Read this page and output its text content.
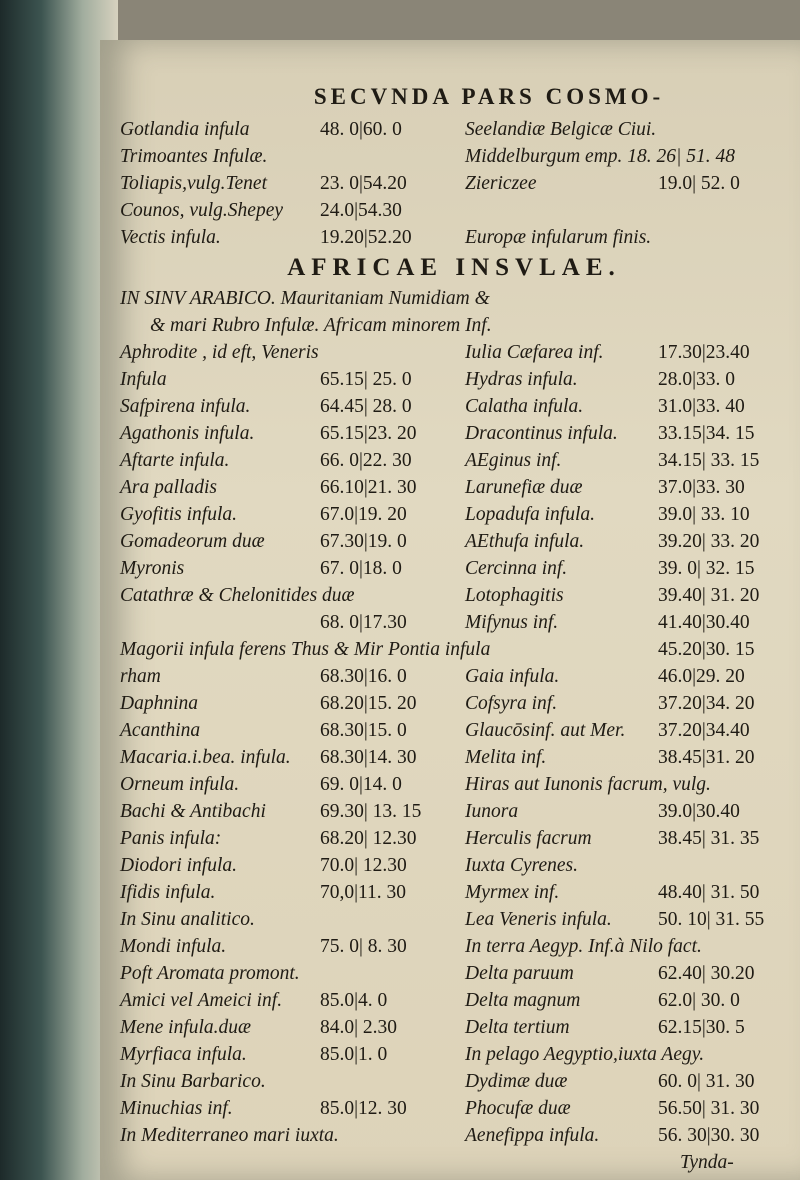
SECVNDA PARS COSMO-
Gotlandia infula	48. 0|60. 0	Seelandiæ Belgicæ Ciui.
Trimoantes Infulæ.	Middelburgum emp. 18. 26| 51. 48
Toliapis,vulg.Tenet	23. 0|54.20	Ziericzee	19.0| 52. 0
Counos, vulg.Shepey 24.0|54.30
Vectis infula.	19.20|52.20	Europæ infularum finis.
AFRICAE INSVLAE.
IN SINV ARABICO. Mauritaniam Numidiam &
& mari Rubro Infulæ. Africam minorem Inf.
Aphrodite , id eft, Veneris	Iulia Cæfarea inf.	17.30|23.40
Infula	65.15| 25. 0	Hydras infula.	28.0|33. 0
Safpirena infula.	64.45| 28. 0	Calatha infula.	31.0|33. 40
Agathonis infula.	65.15|23. 20 Dracontinus infula. 33.15|34. 15
Aftarte infula.	66. 0|22. 30	AEginus inf.	34.15| 33. 15
Ara palladis	66.10|21. 30 Larunefiæ duæ	37.0|33. 30
Gyofitis infula.	67.0|19. 20	Lopadufa infula.	39.0| 33. 10
Gomadeorum duæ	67.30|19. 0	AEthufa infula.	39.20| 33. 20
Myronis	67. 0|18. 0	Cercinna inf.	39. 0| 32. 15
Catathræ & Chelonitides duæ	Lotophagitis	39.40| 31. 20
68. 0|17.30	Mifynus inf.	41.40|30.40
Magorii infula ferens Thus & Mir Pontia infula	45.20|30. 15
rham	68.30|16. 0	Gaia infula.	46.0|29. 20
Daphnina	68.20|15. 20 Cofsyra inf.	37.20|34. 20
Acanthina	68.30|15. 0	Glaucōsinf. aut Mer. 37.20|34.40
Macaria.i.bea. infula. 68.30|14. 30 Melita inf.	38.45|31. 20
Orneum infula.	69. 0|14. 0	Hiras aut Iunonis facrum, vulg.
Bachi & Antibachi	69.30| 13. 15 Iunora	39.0|30.40
Panis infula:	68.20| 12.30 Herculis facrum	38.45| 31. 35
Diodori infula.	70.0| 12.30	Iuxta Cyrenes.
Ifidis infula.	70,0|11. 30	Myrmex inf.	48.40| 31. 50
In Sinu analitico.	Lea Veneris infula. 50. 10| 31. 55
Mondi infula.	75. 0| 8. 30	In terra Aegyp. Inf.à Nilo fact.
Poft Aromata promont.	Delta paruum	62.40| 30.20
Amici vel Ameici inf. 85.0|4. 0	Delta magnum	62.0| 30. 0
Mene infula.duæ	84.0| 2.30	Delta tertium	62.15|30. 5
Myrfiaca infula.	85.0|1. 0	In pelago Aegyptio,iuxta Aegy.
In Sinu Barbarico.	Dydimæ duæ	60. 0| 31. 30
Minuchias inf.	85.0|12. 30	Phocufæ duæ	56.50| 31. 30
In Mediterraneo mari iuxta.	Aenefippa infula.	56. 30|30. 30
Tynda-
